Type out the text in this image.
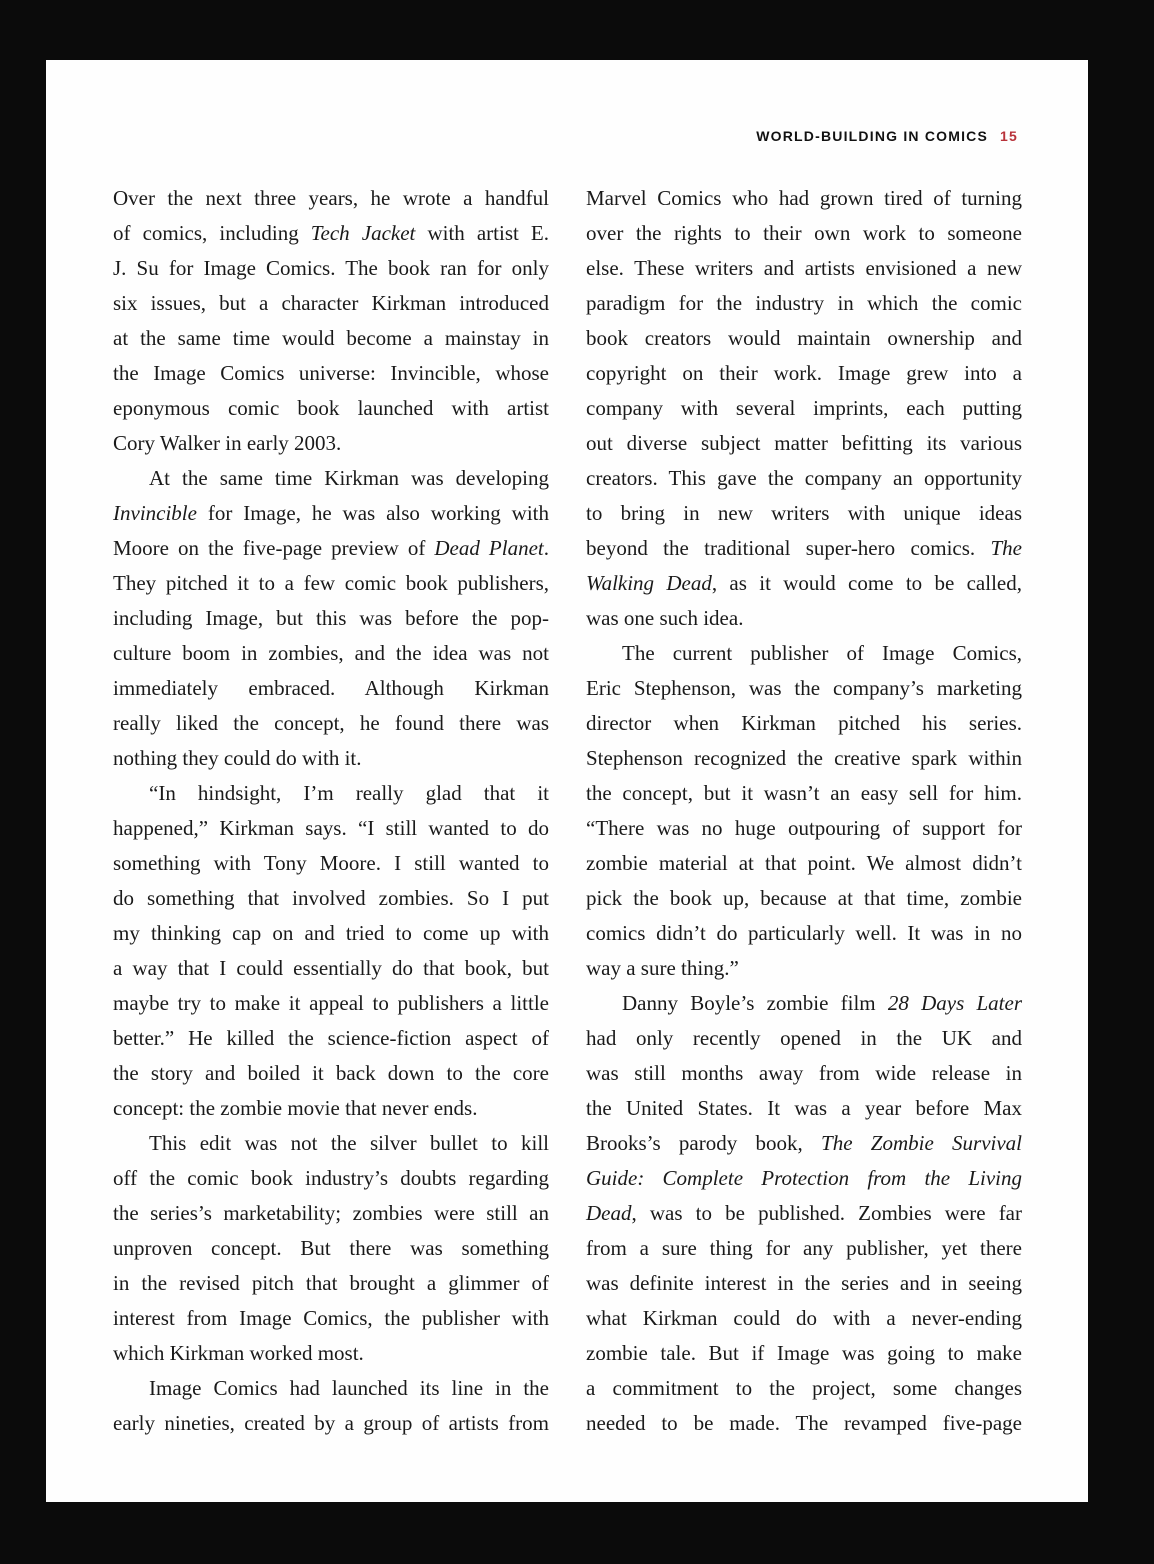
WORLD-BUILDING IN COMICS 15
Over the next three years, he wrote a handful
of comics, including Tech Jacket with artist E.
J. Su for Image Comics. The book ran for only
six issues, but a character Kirkman introduced
at the same time would become a mainstay in
the Image Comics universe: Invincible, whose
eponymous comic book launched with artist
Cory Walker in early 2003.
At the same time Kirkman was developing
Invincible for Image, he was also working with
Moore on the five-page preview of Dead Planet.
They pitched it to a few comic book publishers,
including Image, but this was before the pop-
culture boom in zombies, and the idea was not
immediately embraced. Although Kirkman
really liked the concept, he found there was
nothing they could do with it.
“In hindsight, I’m really glad that it
happened,” Kirkman says. “I still wanted to do
something with Tony Moore. I still wanted to
do something that involved zombies. So I put
my thinking cap on and tried to come up with
a way that I could essentially do that book, but
maybe try to make it appeal to publishers a little
better.” He killed the science-fiction aspect of
the story and boiled it back down to the core
concept: the zombie movie that never ends.
This edit was not the silver bullet to kill
off the comic book industry’s doubts regarding
the series’s marketability; zombies were still an
unproven concept. But there was something
in the revised pitch that brought a glimmer of
interest from Image Comics, the publisher with
which Kirkman worked most.
Image Comics had launched its line in the
early nineties, created by a group of artists from
Marvel Comics who had grown tired of turning
over the rights to their own work to someone
else. These writers and artists envisioned a new
paradigm for the industry in which the comic
book creators would maintain ownership and
copyright on their work. Image grew into a
company with several imprints, each putting
out diverse subject matter befitting its various
creators. This gave the company an opportunity
to bring in new writers with unique ideas
beyond the traditional super-hero comics. The
Walking Dead, as it would come to be called,
was one such idea.
The current publisher of Image Comics,
Eric Stephenson, was the company’s marketing
director when Kirkman pitched his series.
Stephenson recognized the creative spark within
the concept, but it wasn’t an easy sell for him.
“There was no huge outpouring of support for
zombie material at that point. We almost didn’t
pick the book up, because at that time, zombie
comics didn’t do particularly well. It was in no
way a sure thing.”
Danny Boyle’s zombie film 28 Days Later
had only recently opened in the UK and
was still months away from wide release in
the United States. It was a year before Max
Brooks’s parody book, The Zombie Survival
Guide: Complete Protection from the Living
Dead, was to be published. Zombies were far
from a sure thing for any publisher, yet there
was definite interest in the series and in seeing
what Kirkman could do with a never-ending
zombie tale. But if Image was going to make
a commitment to the project, some changes
needed to be made. The revamped five-page
